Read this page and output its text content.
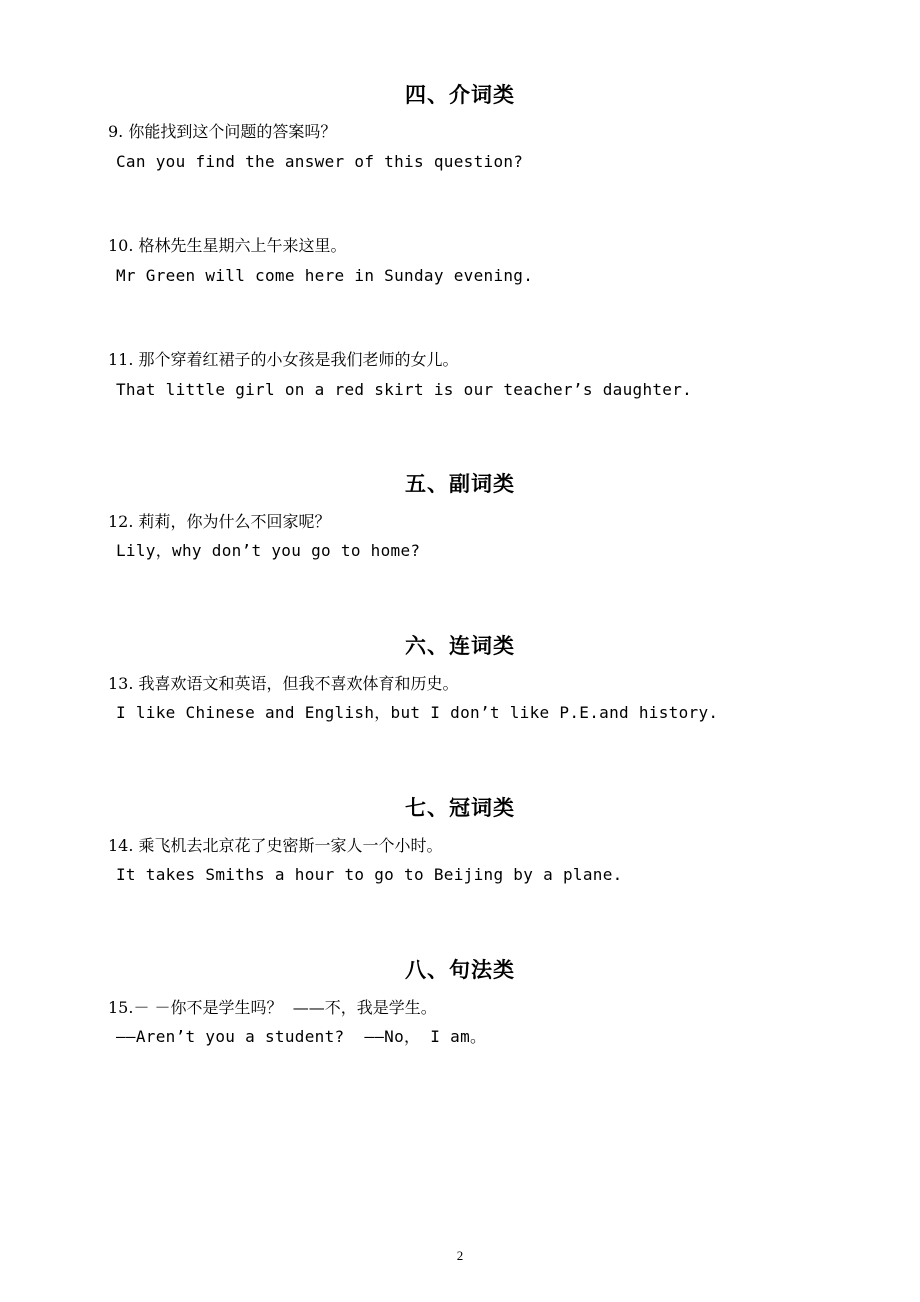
四、介词类
9. 你能找到这个问题的答案吗？
Can you find the answer of this question?
10. 格林先生星期六上午来这里。
Mr Green will come here in Sunday evening.
11. 那个穿着红裙子的小女孩是我们老师的女儿。
That little girl on a red skirt is our teacher’s daughter.
五、副词类
12. 莉莉，你为什么不回家呢？
Lily，why don’t you go to home?
六、连词类
13. 我喜欢语文和英语，但我不喜欢体育和历史。
I like Chinese and English，but I don’t like P.E.and history.
七、冠词类
14. 乘飞机去北京花了史密斯一家人一个小时。
It takes Smiths a hour to go to Beijing by a plane.
八、句法类
15.－ －你不是学生吗？  ——不，我是学生。
——Aren’t you a student?  ——No， I am。
2
